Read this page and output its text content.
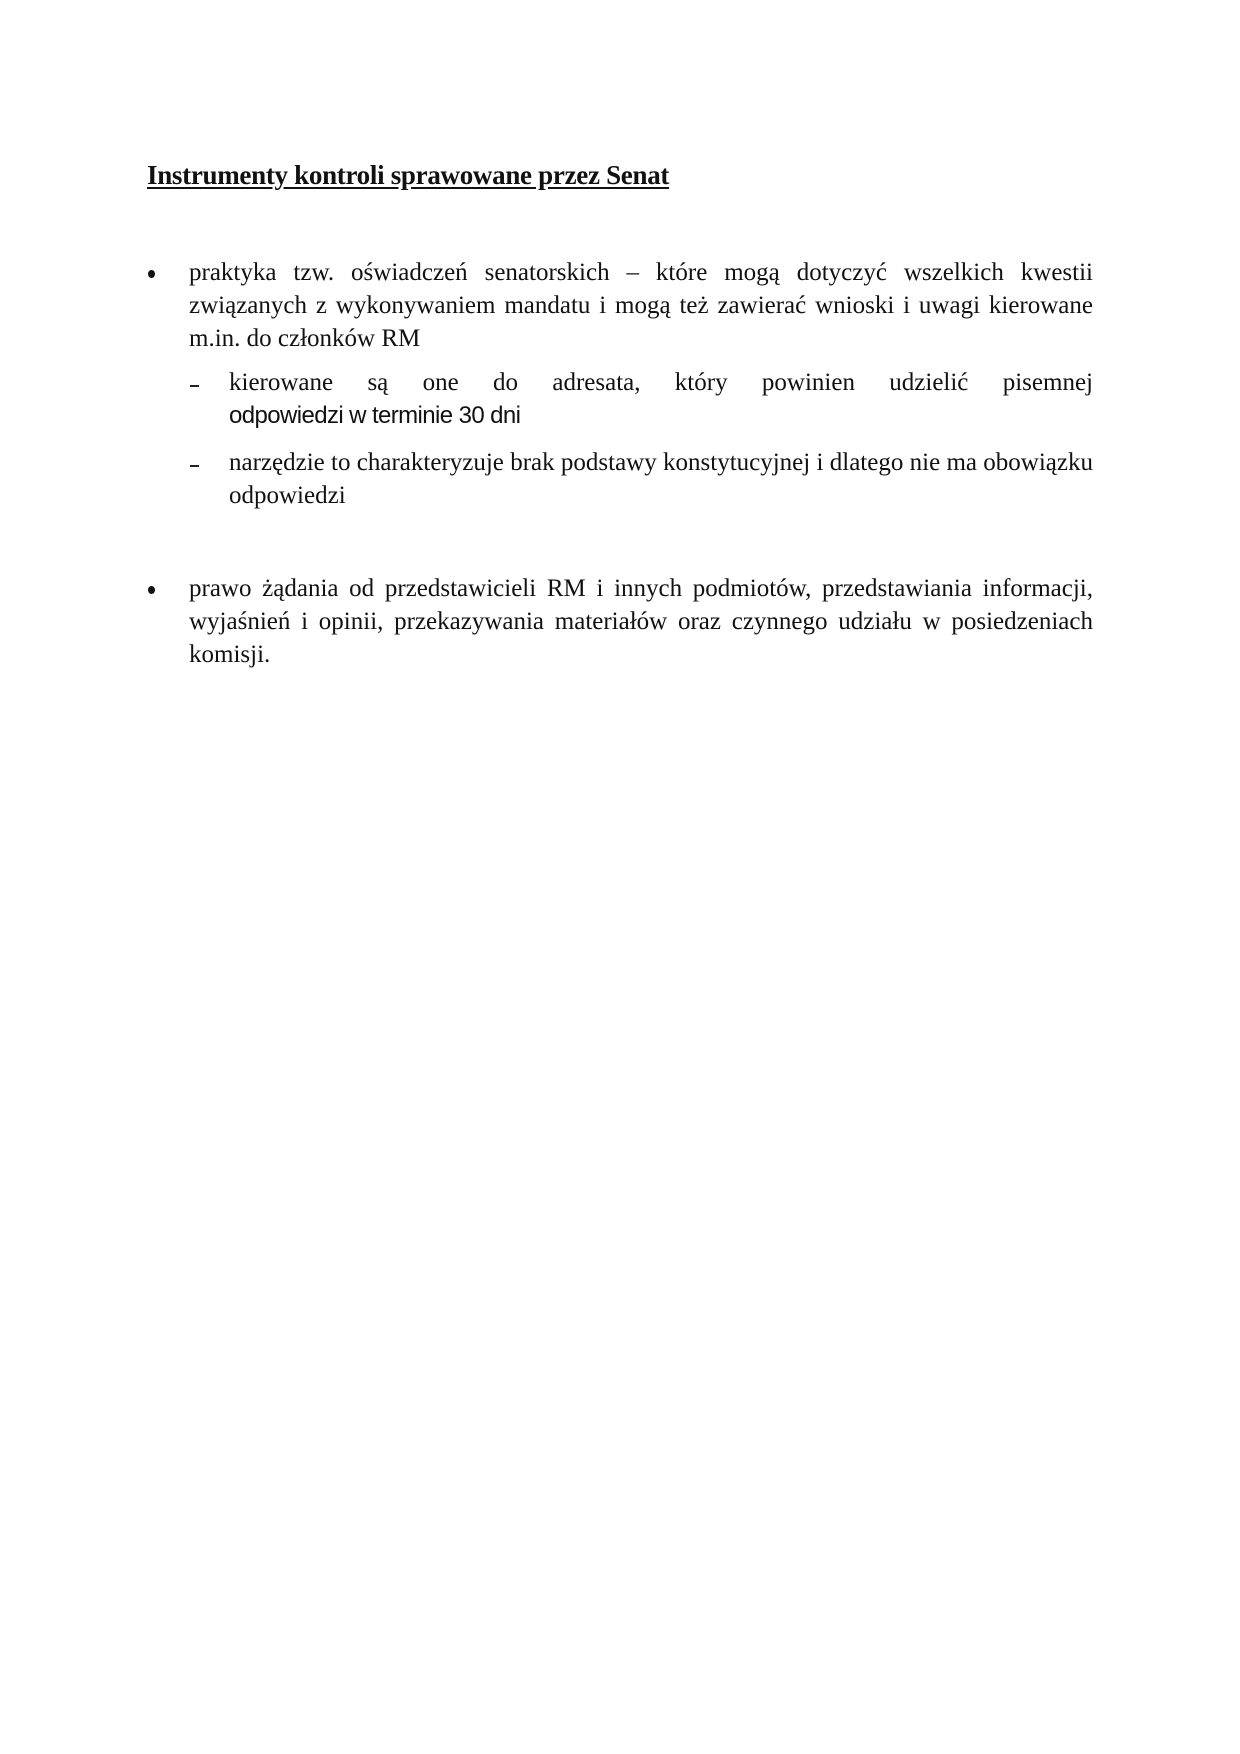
Instrumenty kontroli sprawowane przez Senat
praktyka tzw. oświadczeń senatorskich – które mogą dotyczyć wszelkich kwestii związanych z wykonywaniem mandatu i mogą też zawierać wnioski i uwagi kierowane m.in. do członków RM
kierowane są one do adresata, który powinien udzielić pisemnej
odpowiedzi w terminie 30 dni
narzędzie to charakteryzuje brak podstawy konstytucyjnej i dlatego nie ma obowiązku odpowiedzi
prawo żądania od przedstawicieli RM i innych podmiotów, przedstawiania informacji, wyjaśnień i opinii, przekazywania materiałów oraz czynnego udziału w posiedzeniach komisji.
